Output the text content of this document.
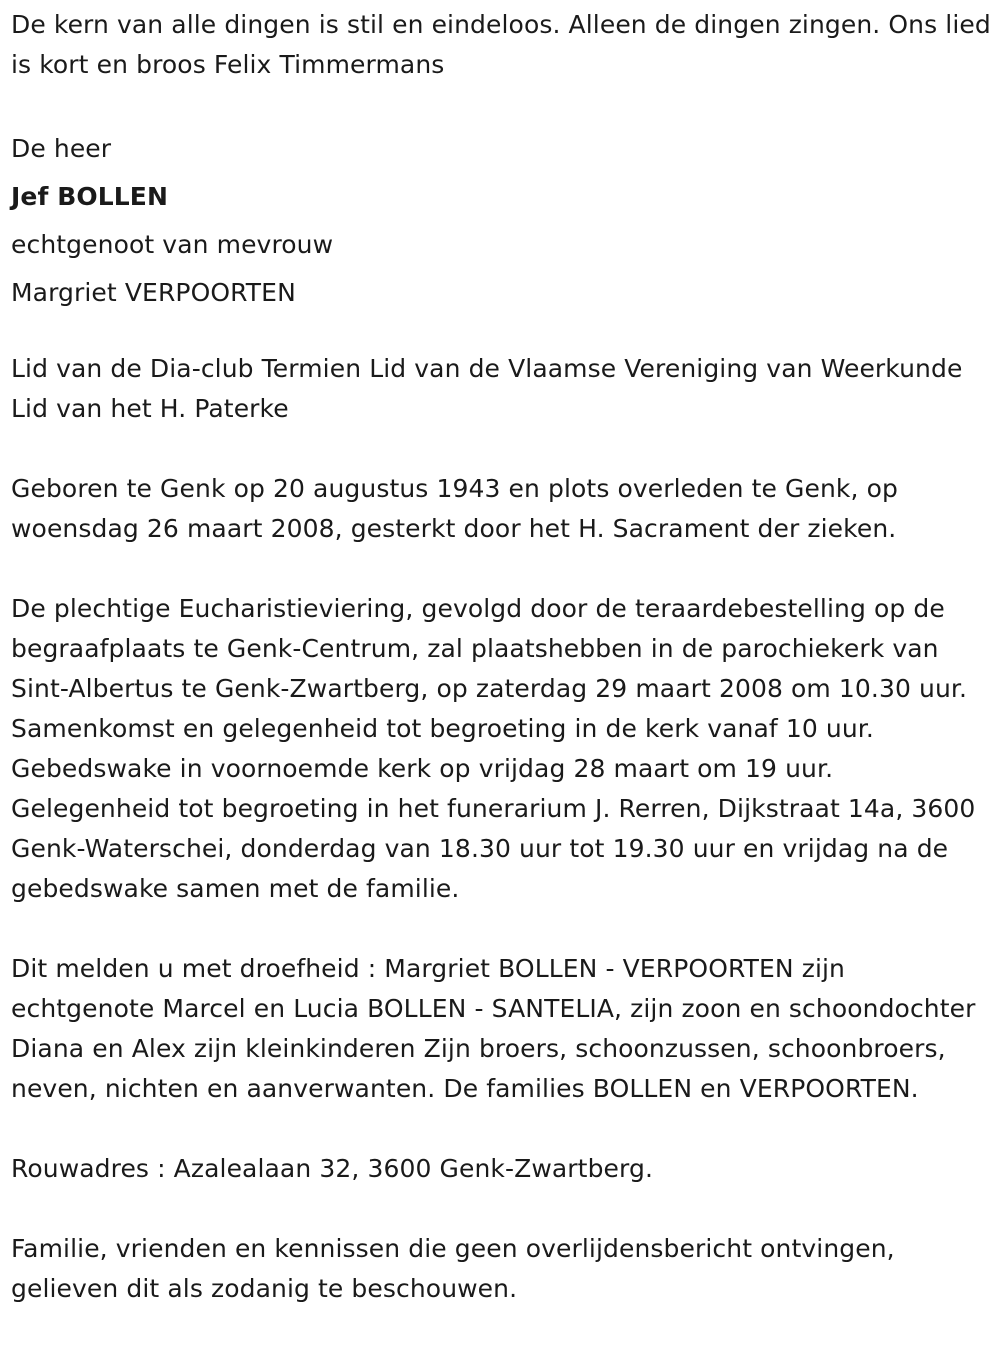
De kern van alle dingen is stil en eindeloos. Alleen de dingen zingen. Ons lied is kort en broos Felix Timmermans

De heer

Jef BOLLEN

echtgenoot van mevrouw

Margriet VERPOORTEN

Lid van de Dia-club Termien Lid van de Vlaamse Vereniging van Weerkunde Lid van het H. Paterke

Geboren te Genk op 20 augustus 1943 en plots overleden te Genk, op woensdag 26 maart 2008, gesterkt door het H. Sacrament der zieken.

De plechtige Eucharistieviering, gevolgd door de teraardebestelling op de begraafplaats te Genk-Centrum, zal plaatshebben in de parochiekerk van Sint-Albertus te Genk-Zwartberg, op zaterdag 29 maart 2008 om 10.30 uur. Samenkomst en gelegenheid tot begroeting in de kerk vanaf 10 uur. Gebedswake in voornoemde kerk op vrijdag 28 maart om 19 uur. Gelegenheid tot begroeting in het funerarium J. Rerren, Dijkstraat 14a, 3600 Genk-Waterschei, donderdag van 18.30 uur tot 19.30 uur en vrijdag na de gebedswake samen met de familie.

Dit melden u met droefheid : Margriet BOLLEN - VERPOORTEN zijn echtgenote Marcel en Lucia BOLLEN - SANTELIA, zijn zoon en schoondochter Diana en Alex zijn kleinkinderen Zijn broers, schoonzussen, schoonbroers, neven, nichten en aanverwanten. De families BOLLEN en VERPOORTEN.

Rouwadres : Azalealaan 32, 3600 Genk-Zwartberg.

Familie, vrienden en kennissen die geen overlijdensbericht ontvingen, gelieven dit als zodanig te beschouwen.
